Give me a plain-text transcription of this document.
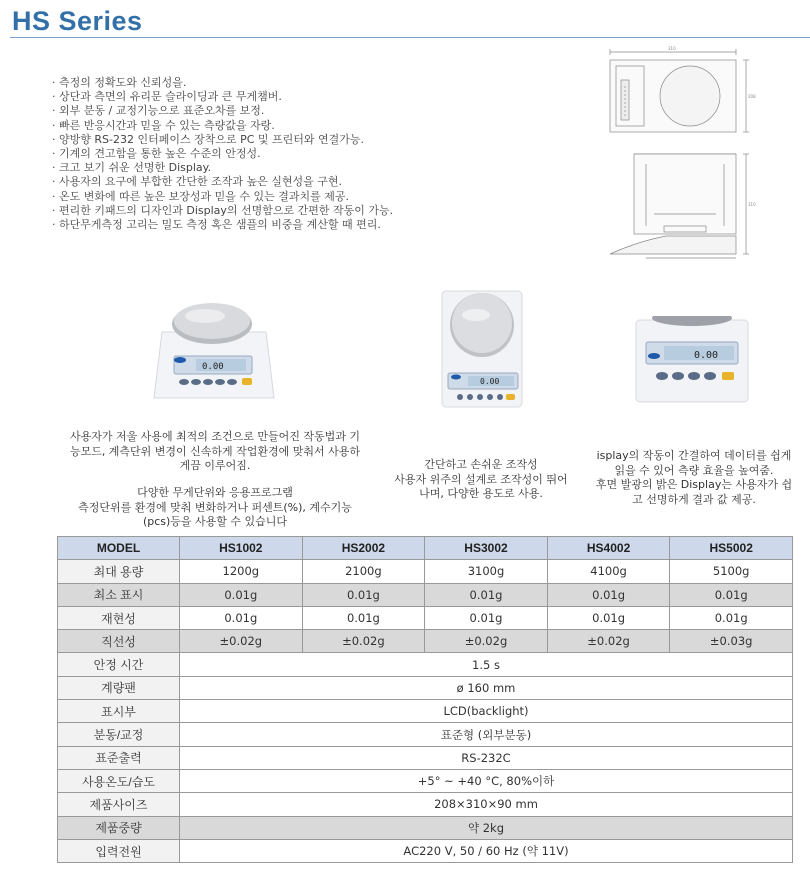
HS Series
· 측정의 정확도와 신뢰성을.
· 상단과 측면의 유리문 슬라이딩과 큰 무게챔버.
· 외부 분동 / 교정기능으로 표준오차를 보정.
· 빠른 반응시간과 믿을 수 있는 측량값을 자랑.
· 양방향 RS-232 인터페이스 장착으로 PC 및 프린터와 연결가능.
· 기계의 견고함을 통한 높은 수준의 안정성.
· 크고 보기 쉬운 선명한 Display.
· 사용자의 요구에 부합한 간단한 조작과 높은 실현성을 구현.
· 온도 변화에 따른 높은 보장성과 믿을 수 있는 결과치를 제공.
· 편리한 키패드의 디자인과 Display의 선명함으로 간편한 작동이 가능.
· 하단무게측정 고리는 밀도 측정 혹은 샘플의 비중을 계산할 때 편리.
310
208
310
0.00
0.00
0.00
사용자가 저울 사용에 최적의 조건으로 만들어진 작동법과 기
능모드, 계측단위 변경이 신속하게 작업환경에 맞춰서 사용하
게끔 이루어짐.
다양한 무게단위와 응용프로그램
측정단위를 환경에 맞춰 변화하거나 퍼센트(%), 계수기능
(pcs)등을 사용할 수 있습니다
간단하고 손쉬운 조작성
사용자 위주의 설계로 조작성이 뛰어
나며, 다양한 용도로 사용.
isplay의 작동이 간결하여 데이터를 쉽게
읽을 수 있어 측량 효율을 높여줌.
후면 발광의 밝은 Display는 사용자가 쉽
고 선명하게 결과 값 제공.
MODEL	HS1002	HS2002	HS3002	HS4002	HS5002
최대 용량	1200g	2100g	3100g	4100g	5100g
최소 표시	0.01g	0.01g	0.01g	0.01g	0.01g
재현성	0.01g	0.01g	0.01g	0.01g	0.01g
직선성	±0.02g	±0.02g	±0.02g	±0.02g	±0.03g
안정 시간	1.5 s				
계량팬	ø 160 mm				
표시부	LCD(backlight)				
분동/교정	표준형 (외부분동)				
표준출력	RS-232C				
사용온도/습도	+5° ~ +40 °C, 80%이하				
제품사이즈	208×310×90 mm				
제품중량	약 2kg				
입력전원	AC220 V, 50 / 60 Hz (약 11V)				
